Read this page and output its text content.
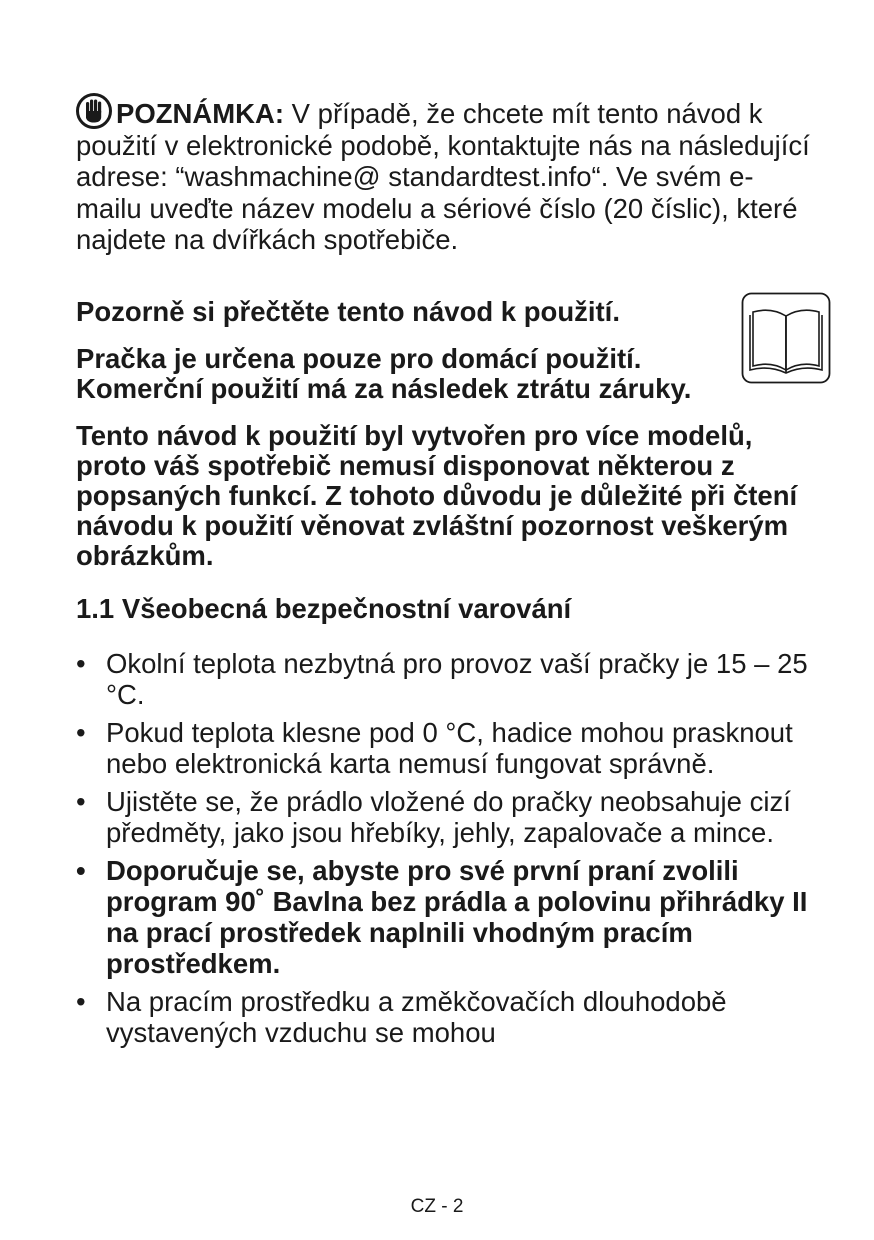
POZNÁMKA: V případě, že chcete mít tento návod k použití v elektronické podobě, kontaktujte nás na následující adrese: “washmachine@ standardtest.info“. Ve svém e-mailu uveďte název modelu a sériové číslo (20 číslic), které najdete na dvířkách spotřebiče.

Pozorně si přečtěte tento návod k použití.

Pračka je určena pouze pro domácí použití. Komerční použití má za následek ztrátu záruky.

Tento návod k použití byl vytvořen pro více modelů, proto váš spotřebič nemusí disponovat některou z popsaných funkcí. Z tohoto důvodu je důležité při čtení návodu k použití věnovat zvláštní pozornost veškerým obrázkům.

1.1 Všeobecná bezpečnostní varování
• Okolní teplota nezbytná pro provoz vaší pračky je 15 – 25 °C.
• Pokud teplota klesne pod 0 °C, hadice mohou prasknout nebo elektronická karta nemusí fungovat správně.
• Ujistěte se, že prádlo vložené do pračky neobsahuje cizí předměty, jako jsou hřebíky, jehly, zapalovače a mince.
• Doporučuje se, abyste pro své první praní zvolili program 90˚ Bavlna bez prádla a polovinu přihrádky II na prací prostředek naplnili vhodným pracím prostředkem.
• Na pracím prostředku a změkčovačích dlouhodobě vystavených vzduchu se mohou
CZ - 2
